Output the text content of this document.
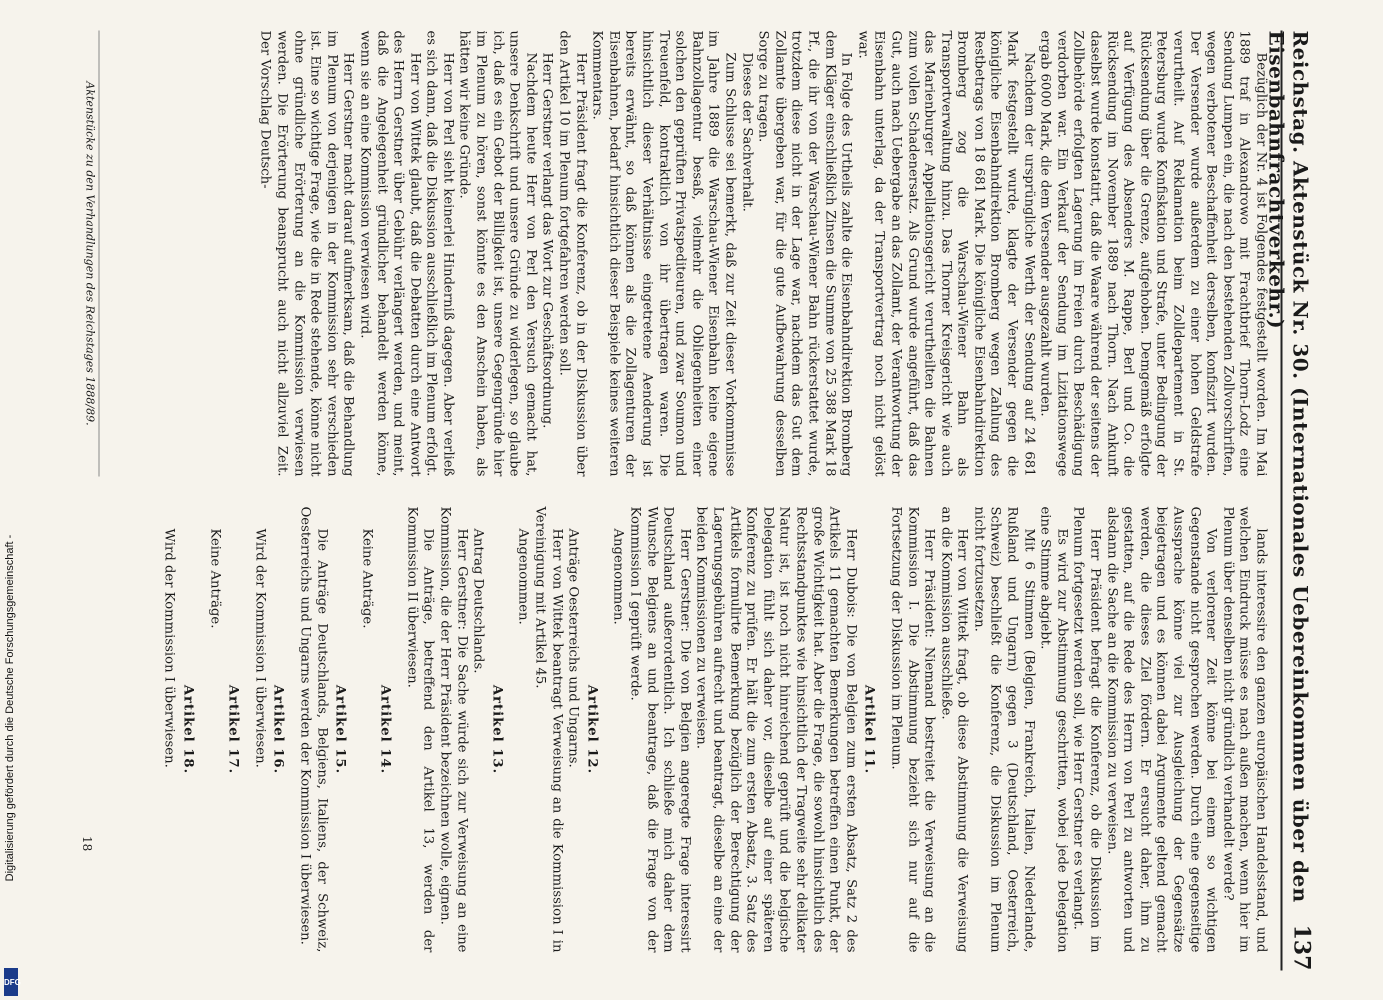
Digitalisierung gefördert durch die Deutsche Forschungsgemeinschaft -
DFG
18	Reichstag. Aktenstück Nr. 30. (Internationales Uebereinkommen über den Eisenbahnfrachtverkehr.)
137

Bezüglich der Nr. 4 ist Folgendes festgestellt worden. Im Mai 1889 traf in Alexandrowo mit Frachtbrief Thorn-Lodz eine Sendung Lumpen ein, die nach den bestehenden Zollvorschriften, wegen verbotener Beschaffenheit derselben, konfiszirt wurden. Der Versender wurde außerdem zu einer hohen Geldstrafe verurtheilt. Auf Reklamation beim Zolldepartement in St. Petersburg wurde Konfiskation und Strafe, unter Bedingung der Rücksendung über die Grenze, aufgehoben. Demgemäß erfolgte auf Verfügung des Absenders M. Rappe, Berl und Co. die Rücksendung im November 1889 nach Thorn. Nach Ankunft daselbst wurde konstatirt, daß die Waare während der seitens der Zollbehörde erfolgten Lagerung im Freien durch Beschädigung verdorben war. Ein Verkauf der Sendung im Lizitationswege ergab 6000 Mark, die dem Versender ausgezahlt wurden.

Nachdem der ursprüngliche Werth der Sendung auf 24 681 Mark festgestellt wurde, klagte der Versender gegen die königliche Eisenbahndirektion Bromberg wegen Zahlung des Restbetrags von 18 681 Mark. Die königliche Eisenbahndirektion Bromberg zog die Warschau-Wiener Bahn als Transportverwaltung hinzu. Das Thorner Kreisgericht wie auch das Marienburger Appellationsgericht verurtheilten die Bahnen zum vollen Schadenersatz. Als Grund wurde angeführt, daß das Gut, auch nach Uebergabe an das Zollamt, der Verantwortung der Eisenbahn unterlag, da der Transportvertrag noch nicht gelöst war.

In Folge des Urtheils zahlte die Eisenbahndirektion Bromberg dem Kläger einschließlich Zinsen die Summe von 25 388 Mark 18 Pf., die ihr von der Warschau-Wiener Bahn rückerstattet wurde, trotzdem diese nicht in der Lage war, nachdem das Gut dem Zollamte übergeben war, für die gute Aufbewahrung desselben Sorge zu tragen.

Dieses der Sachverhalt.

Zum Schlusse sei bemerkt, daß zur Zeit dieser Vorkommnisse im Jahre 1889 die Warschau-Wiener Eisenbahn keine eigene Bahnzollagentur besaß, vielmehr die Obliegenheiten einer solchen den geprüften Privatspediteuren, und zwar Soumon und Treuenfeld, kontraktlich von ihr übertragen waren. Die hinsichtlich dieser Verhältnisse eingetretene Aenderung ist bereits erwähnt, so daß können als die Zollagenturen der Eisenbahnen, bedarf hinsichtlich dieser Beispiele keines weiteren Kommentars.

Herr Präsident fragt die Konferenz, ob in der Diskussion über den Artikel 10 im Plenum fortgefahren werden soll.

Herr Gerstner verlangt das Wort zur Geschäftsordnung.

Nachdem heute Herr von Perl den Versuch gemacht hat, unsere Denkschrift und unsere Gründe zu widerlegen, so glaube ich, daß es ein Gebot der Billigkeit ist, unsere Gegengründe hier im Plenum zu hören, sonst könnte es den Anschein haben, als hätten wir keine Gründe.

Herr von Perl sieht keinerlei Hinderniß dagegen. Aber verließ es sich dann, daß die Diskussion ausschließlich im Plenum erfolgt.

Herr von Wittek glaubt, daß die Debatten durch eine Antwort des Herrn Gerstner über Gebühr verlängert werden, und meint, daß die Angelegenheit gründlicher behandelt werden könne, wenn sie an eine Kommission verwiesen wird.

Herr Gerstner macht darauf aufmerksam, daß die Behandlung im Plenum von derjenigen in der Kommission sehr verschieden ist. Eine so wichtige Frage, wie die in Rede stehende, könne nicht ohne gründliche Erörterung an die Kommission verwiesen werden. Die Erörterung beansprucht auch nicht allzuviel Zeit. Der Vorschlag Deutsch-

lands interessire den ganzen europäischen Handelsstand, und welchen Eindruck müsse es nach außen machen, wenn hier im Plenum über denselben nicht gründlich verhandelt werde?

Von verlorener Zeit könne bei einem so wichtigen Gegenstande nicht gesprochen werden. Durch eine gegenseitige Aussprache könne viel zur Ausgleichung der Gegensätze beigetragen und es können dabei Argumente geltend gemacht werden, die dieses Ziel fördern. Er ersucht daher, ihm zu gestatten, auf die Rede des Herrn von Perl zu antworten und alsdann die Sache an die Kommission zu verweisen.

Herr Präsident befragt die Konferenz, ob die Diskussion im Plenum fortgesetzt werden soll, wie Herr Gerstner es verlangt.

Es wird zur Abstimmung geschritten, wobei jede Delegation eine Stimme abgiebt.

Mit 6 Stimmen (Belgien, Frankreich, Italien, Niederlande, Rußland und Ungarn) gegen 3 (Deutschland, Oesterreich, Schweiz) beschließt die Konferenz, die Diskussion im Plenum nicht fortzusetzen.

Herr von Wittek fragt, ob diese Abstimmung die Verweisung an die Kommission ausschließe.

Herr Präsident: Niemand bestreitet die Verweisung an die Kommission I. Die Abstimmung bezieht sich nur auf die Fortsetzung der Diskussion im Plenum.

Artikel 11.

Herr Dubois: Die von Belgien zum ersten Absatz, Satz 2 des Artikels 11 gemachten Bemerkungen betreffen einen Punkt, der große Wichtigkeit hat. Aber die Frage, die sowohl hinsichtlich des Rechtsstandpunktes wie hinsichtlich der Tragweite sehr delikater Natur ist, ist noch nicht hinreichend geprüft und die belgische Delegation fühlt sich daher vor, dieselbe auf einer späteren Konferenz zu prüfen. Er hält die zum ersten Absatz, 3. Satz des Artikels formulirte Bemerkung bezüglich der Berechtigung der Lagerungsgebühren aufrecht und beantragt, dieselbe an eine der beiden Kommissionen zu verweisen.

Herr Gerstner: Die von Belgien angeregte Frage interessirt Deutschland außerordentlich. Ich schließe mich daher dem Wunsche Belgiens an und beantrage, daß die Frage von der Kommission I geprüft werde.

Angenommen.

Artikel 12.

Anträge Oesterreichs und Ungarns.

Herr von Wittek beantragt Verweisung an die Kommission I in Vereinigung mit Artikel 45.

Angenommen.

Artikel 13.

Antrag Deutschlands.

Herr Gerstner: Die Sache würde sich zur Verweisung an eine Kommission, die der Herr Präsident bezeichnen wolle, eignen.

Die Anträge, betreffend den Artikel 13, werden der Kommission II überwiesen.

Artikel 14.

Keine Anträge.

Artikel 15.

Die Anträge Deutschlands, Belgiens, Italiens, der Schweiz, Oesterreichs und Ungarns werden der Kommission I überwiesen.

Artikel 16.

Wird der Kommission I überwiesen.

Artikel 17.

Keine Anträge.

Artikel 18.

Wird der Kommission I überwiesen.

Aktenstücke zu den Verhandlungen des Reichstages 1888/89.
